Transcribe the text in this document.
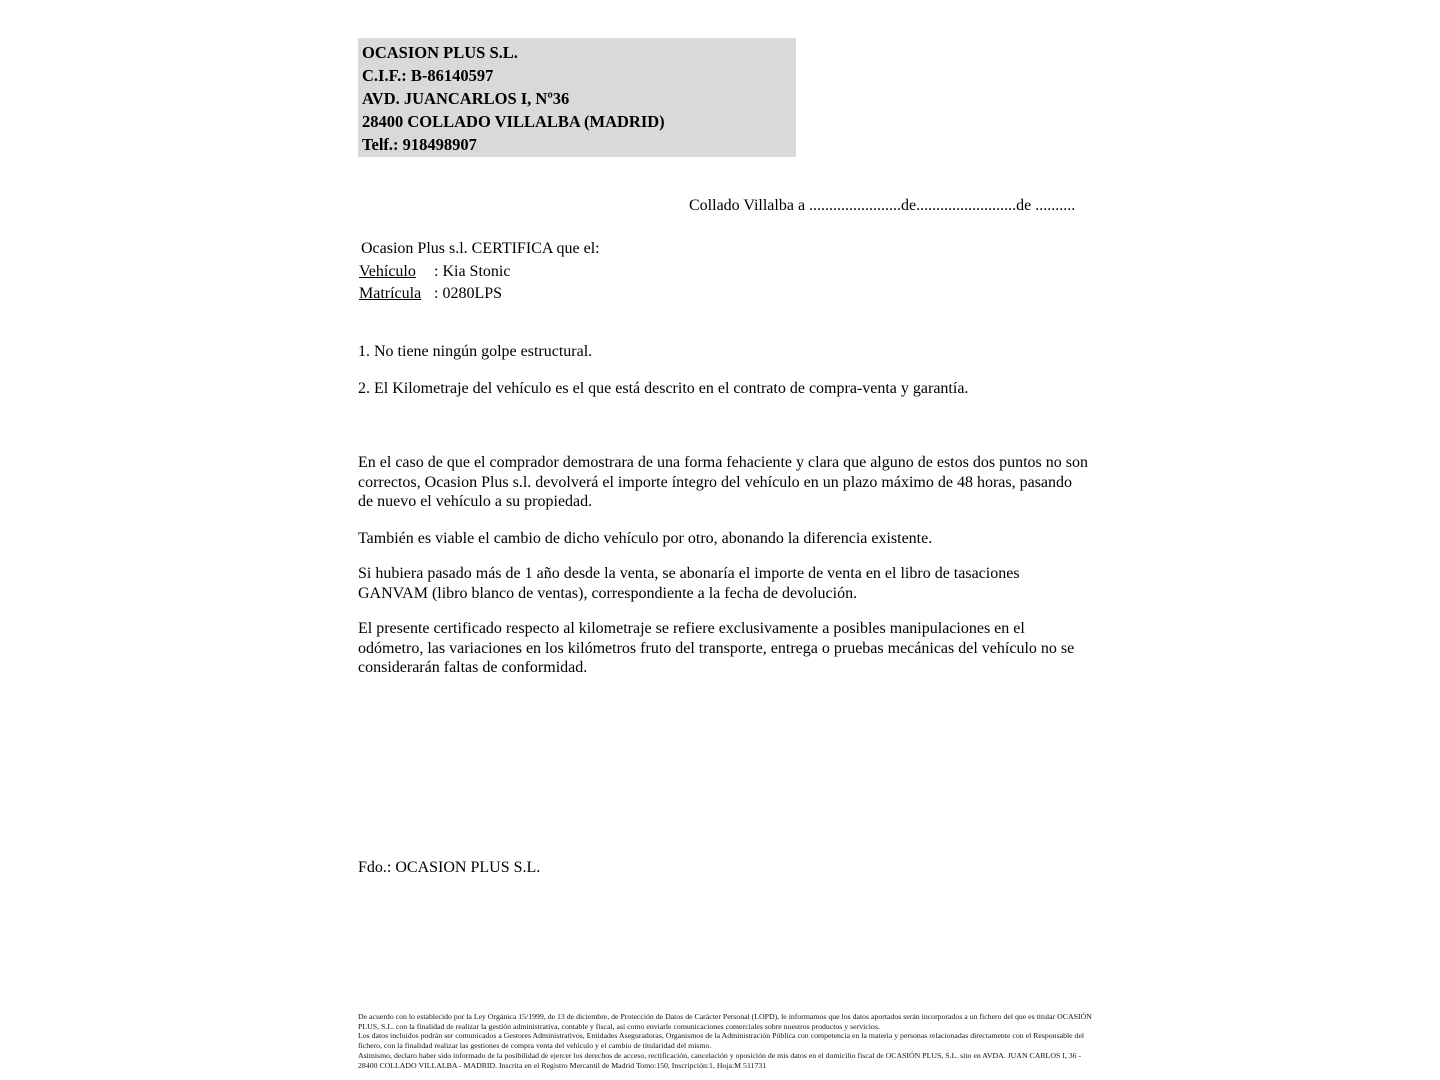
OCASION PLUS S.L.
C.I.F.: B-86140597
AVD. JUANCARLOS I, Nº36
28400 COLLADO VILLALBA (MADRID)
Telf.: 918498907
Collado Villalba a .......................de.........................de ..........
Ocasion Plus s.l. CERTIFICA que el:
Vehículo : Kia Stonic
Matrícula : 0280LPS
1. No tiene ningún golpe estructural.
2. El Kilometraje del vehículo es el que está descrito en el contrato de compra-venta y garantía.
En el caso de que el comprador demostrara de una forma fehaciente y clara que alguno de estos dos puntos no son correctos, Ocasion Plus s.l. devolverá el importe íntegro del vehículo en un plazo máximo de 48 horas, pasando de nuevo el vehículo a su propiedad.
También es viable el cambio de dicho vehículo por otro, abonando la diferencia existente.
Si hubiera pasado más de 1 año desde la venta, se abonaría el importe de venta en el libro de tasaciones GANVAM (libro blanco de ventas), correspondiente a la fecha de devolución.
El presente certificado respecto al kilometraje se refiere exclusivamente a posibles manipulaciones en el odómetro, las variaciones en los kilómetros fruto del transporte, entrega o pruebas mecánicas del vehículo no se considerarán faltas de conformidad.
Fdo.: OCASION PLUS S.L.

De acuerdo con lo establecido por la Ley Orgánica 15/1999, de 13 de diciembre, de Protección de Datos de Carácter Personal (LOPD), le informamos que los datos aportados serán incorporados a un fichero del que es titular OCASIÓN PLUS, S.L. con la finalidad de realizar la gestión administrativa, contable y fiscal, así como enviarle comunicaciones comerciales sobre nuestros productos y servicios.

Los datos incluidos podrán ser comunicados a Gestores Administrativos, Entidades Aseguradoras, Organismos de la Administración Pública con competencia en la materia y personas relacionadas directamente con el Responsable del fichero, con la finalidad realizar las gestiones de compra venta del vehículo y el cambio de titularidad del mismo.

Asimismo, declaro haber sido informado de la posibilidad de ejercer los derechos de acceso, rectificación, cancelación y oposición de mis datos en el domicilio fiscal de OCASIÓN PLUS, S.L. sito en AVDA. JUAN CARLOS I, 36 - 28400 COLLADO VILLALBA - MADRID. Inscrita en el Registro Mercantil de Madrid Tomo:150, Inscripción:1, Hoja:M 511731
